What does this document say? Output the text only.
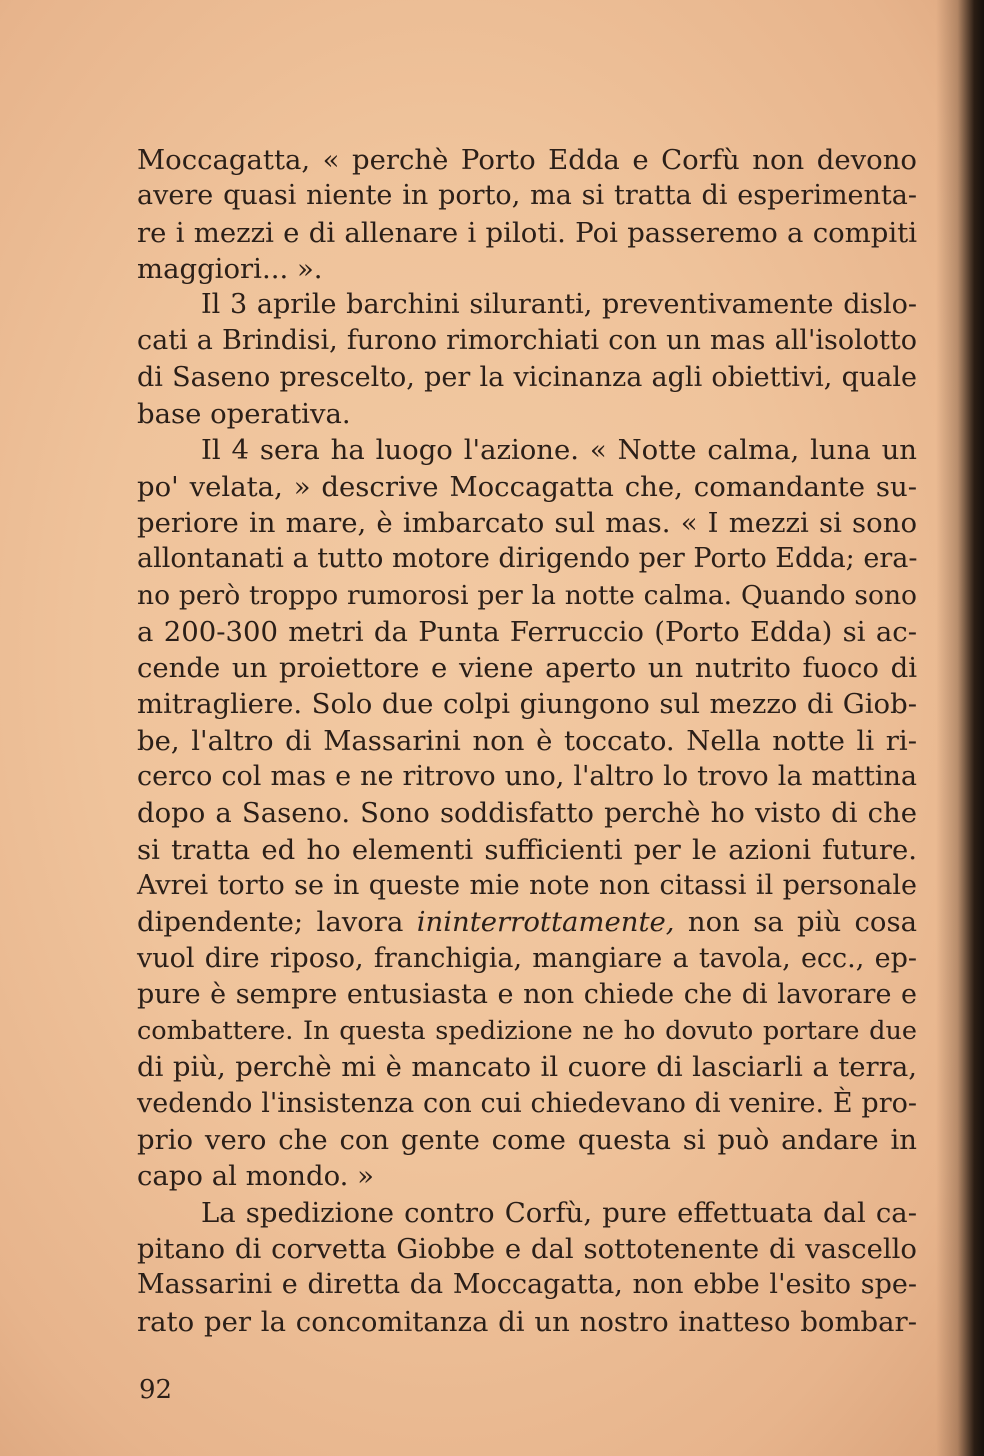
Moccagatta, « perchè Porto Edda e Corfù non devono
avere quasi niente in porto, ma si tratta di esperimenta-
re i mezzi e di allenare i piloti. Poi passeremo a compiti
maggiori... ».
Il 3 aprile barchini siluranti, preventivamente dislo-
cati a Brindisi, furono rimorchiati con un mas all'isolotto
di Saseno prescelto, per la vicinanza agli obiettivi, quale
base operativa.
Il 4 sera ha luogo l'azione. « Notte calma, luna un
po' velata, » descrive Moccagatta che, comandante su-
periore in mare, è imbarcato sul mas. « I mezzi si sono
allontanati a tutto motore dirigendo per Porto Edda; era-
no però troppo rumorosi per la notte calma. Quando sono
a 200-300 metri da Punta Ferruccio (Porto Edda) si ac-
cende un proiettore e viene aperto un nutrito fuoco di
mitragliere. Solo due colpi giungono sul mezzo di Giob-
be, l'altro di Massarini non è toccato. Nella notte li ri-
cerco col mas e ne ritrovo uno, l'altro lo trovo la mattina
dopo a Saseno. Sono soddisfatto perchè ho visto di che
si tratta ed ho elementi sufficienti per le azioni future.
Avrei torto se in queste mie note non citassi il personale
dipendente; lavora ininterrottamente, non sa più cosa
vuol dire riposo, franchigia, mangiare a tavola, ecc., ep-
pure è sempre entusiasta e non chiede che di lavorare e
combattere. In questa spedizione ne ho dovuto portare due
di più, perchè mi è mancato il cuore di lasciarli a terra,
vedendo l'insistenza con cui chiedevano di venire. È pro-
prio vero che con gente come questa si può andare in
capo al mondo. »
La spedizione contro Corfù, pure effettuata dal ca-
pitano di corvetta Giobbe e dal sottotenente di vascello
Massarini e diretta da Moccagatta, non ebbe l'esito spe-
rato per la concomitanza di un nostro inatteso bombar-
92
